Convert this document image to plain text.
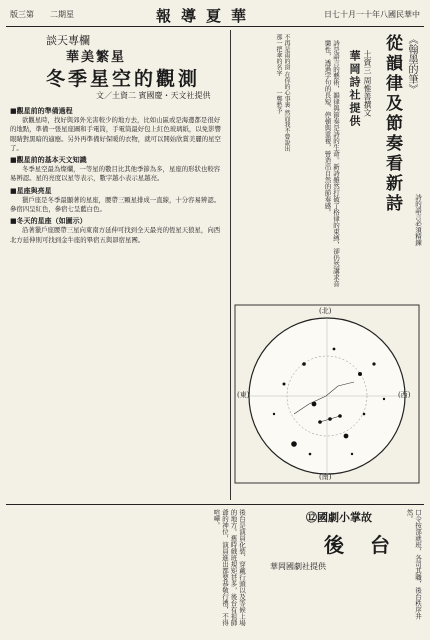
版三第　　二期星	報導夏華	日七十月一十年八國民華中
談天專欄
華美繁星
冬季星空的觀測
文／土資二 賓國慶・天文社提供
■觀星前的準備過程

欲觀星時，找好與郊外光害較少的地方去，比如山區或是海邊都是很好的地點，準備一張星座圖和手電筒，手電筒最好包上紅色玻璃紙，以免影響眼睛對黑暗的適應。另外再準備好保暖的衣物，就可以開始欣賞美麗的星空了。

■觀星前的基本天文知識

冬季星空最為燦爛，一等星的數目比其他季節為多，星座的形狀也較容易辨認。星的亮度以星等表示，數字越小表示星越亮。

■星座與亮星

獵戶座是冬季最顯著的星座，腰帶三顆星排成一直線，十分容易辨認。參宿四呈紅色，參宿七呈藍白色。

■冬天的星座（如圖示）

沿著獵戶座腰帶三星向東南方延伸可找到全天最亮的恆星天狼星，向西北方延伸則可找到金牛座的畢宿五與昴宿星團。

《翰墨的筆》
從韻律及節奏看新詩
土資三 周惟善撰文
華岡詩社提供
詩是語言的藝術，韻律與節奏是詩的生命。新詩雖然打破了格律的束縛，卻仍然講求音樂性，透過字句的長短、停頓與重複，營造出自然的節奏感。
不再是雨的窗 在你的心事裏 然而我不曾說出 那一把傘的名字 　　一鄭愁予
(北)
(南)
(東)	(西)
後台是演員化裝、穿戴行頭以及等候上場的地方。舊時戲班規矩甚多，後台有祖師爺的神位，演員進出都要恭敬行禮，不得喧嘩。	⑫國劇小掌故
後台
華岡國劇社提供	口令按部就班，各司其職，後台秩序井然。
詩的語言必須精鍊
